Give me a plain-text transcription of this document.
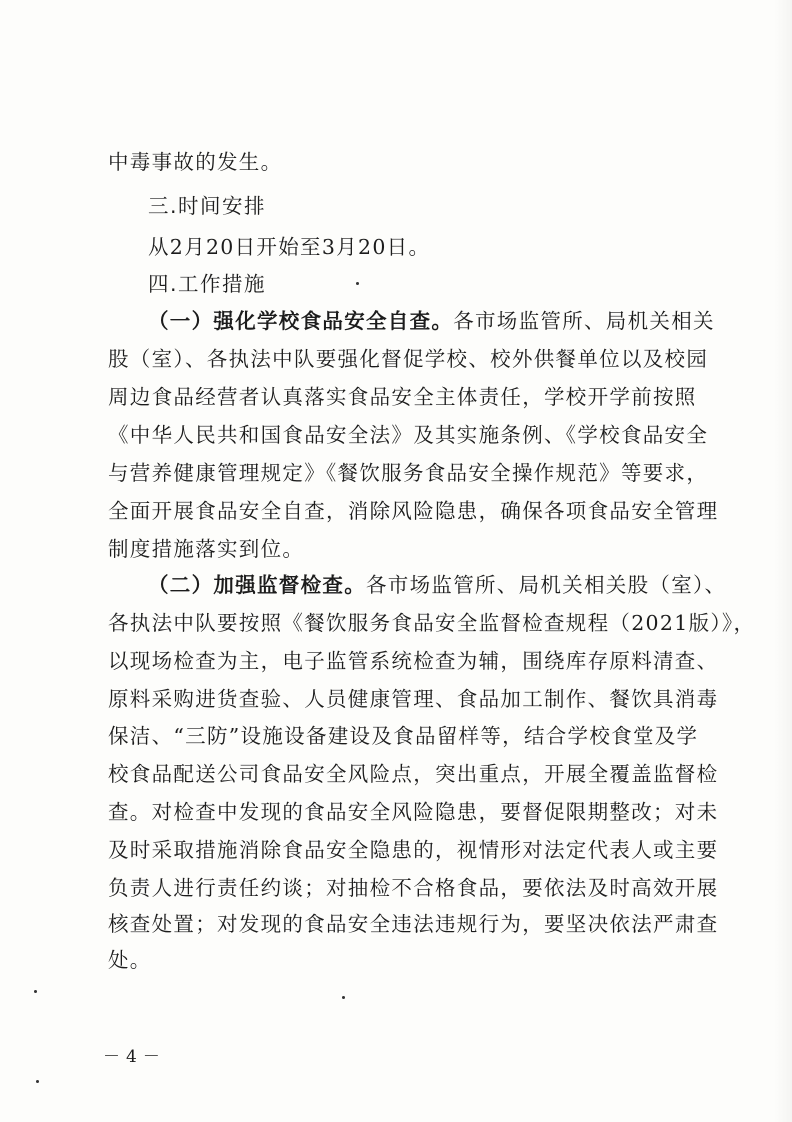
中毒事故的发生。
三.时间安排
从2月20日开始至3月20日。
四.工作措施
（一）强化学校食品安全自查。各市场监管所、局机关相关
股（室）、各执法中队要强化督促学校、校外供餐单位以及校园
周边食品经营者认真落实食品安全主体责任，学校开学前按照
《中华人民共和国食品安全法》及其实施条例、《学校食品安全
与营养健康管理规定》《餐饮服务食品安全操作规范》等要求，
全面开展食品安全自查，消除风险隐患，确保各项食品安全管理
制度措施落实到位。
（二）加强监督检查。各市场监管所、局机关相关股（室）、
各执法中队要按照《餐饮服务食品安全监督检查规程（2021版）》，
以现场检查为主，电子监管系统检查为辅，围绕库存原料清查、
原料采购进货查验、人员健康管理、食品加工制作、餐饮具消毒
保洁、“三防”设施设备建设及食品留样等，结合学校食堂及学
校食品配送公司食品安全风险点，突出重点，开展全覆盖监督检
查。对检查中发现的食品安全风险隐患，要督促限期整改；对未
及时采取措施消除食品安全隐患的，视情形对法定代表人或主要
负责人进行责任约谈；对抽检不合格食品，要依法及时高效开展
核查处置；对发现的食品安全违法违规行为，要坚决依法严肃查
处。
－4－
